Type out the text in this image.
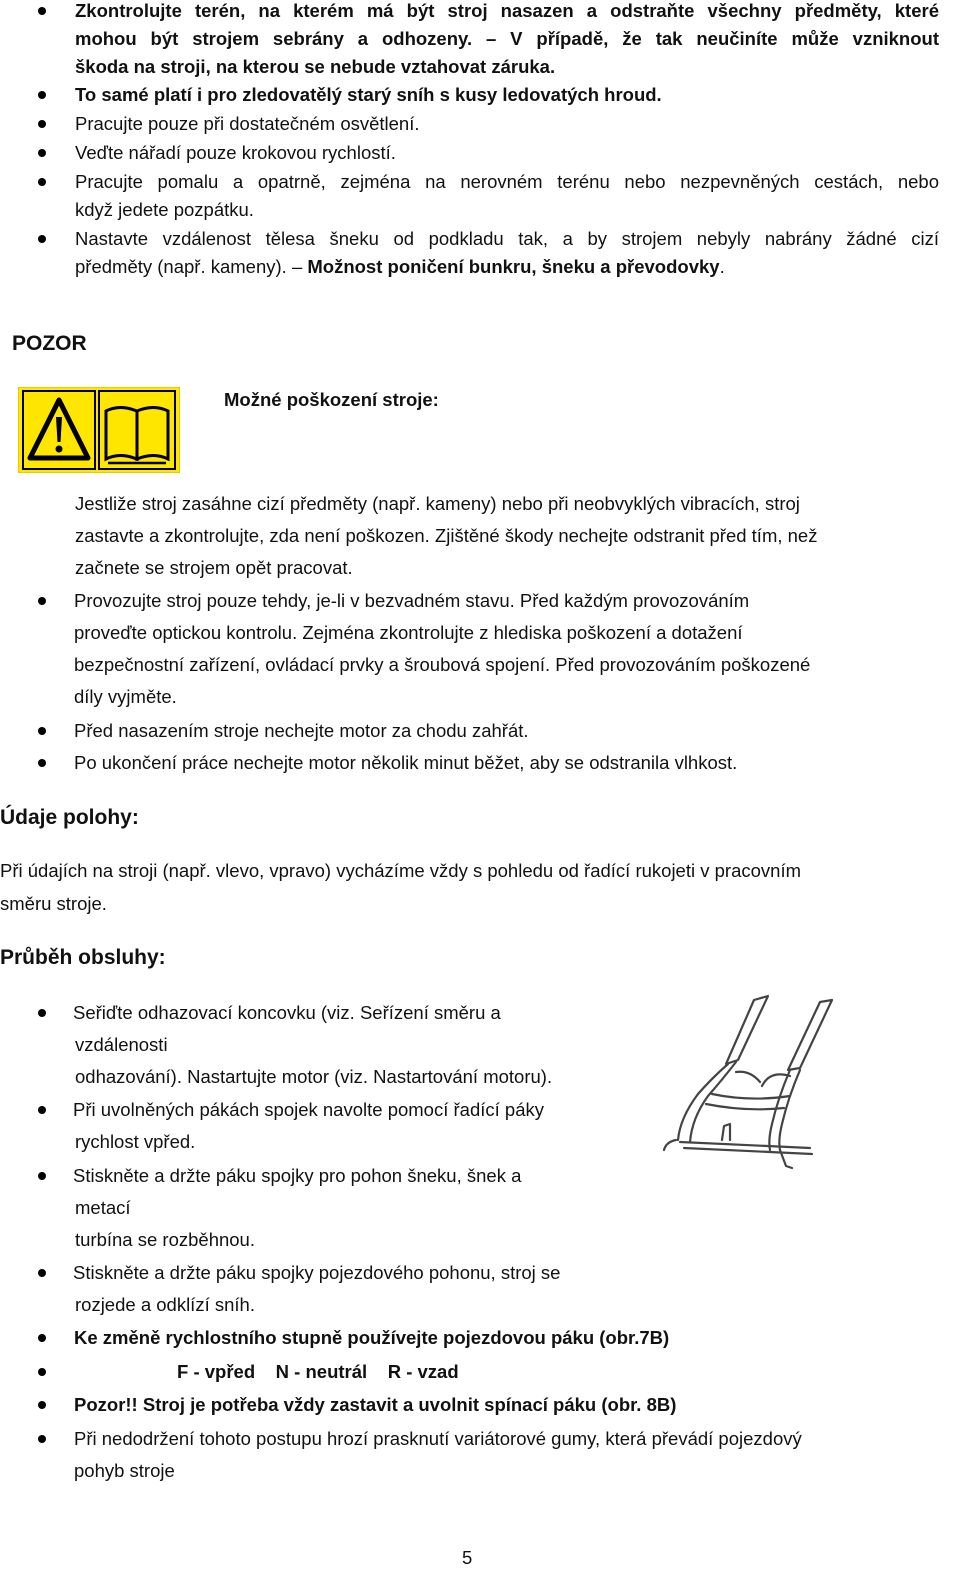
Zkontrolujte terén, na kterém má být stroj nasazen a odstraňte všechny předměty, které
mohou být strojem sebrány a odhozeny. – V případě, že tak neučiníte může vzniknout
škoda na stroji, na kterou se nebude vztahovat záruka.
To samé platí i pro zledovatělý starý sníh s kusy ledovatých hroud.
Pracujte pouze při dostatečném osvětlení.
Veďte nářadí pouze krokovou rychlostí.
Pracujte pomalu a opatrně, zejména na nerovném terénu nebo nezpevněných cestách, nebo
když jedete pozpátku.
Nastavte vzdálenost tělesa šneku od podkladu tak, a by strojem nebyly nabrány žádné cizí
předměty (např. kameny). – Možnost poničení bunkru, šneku a převodovky.
POZOR
Možné poškození stroje:
Jestliže stroj zasáhne cizí předměty (např. kameny) nebo při neobvyklých vibracích, stroj
zastavte a zkontrolujte, zda není poškozen. Zjištěné škody nechejte odstranit před tím, než
začnete se strojem opět pracovat.
Provozujte stroj pouze tehdy, je-li v bezvadném stavu. Před každým provozováním
proveďte optickou kontrolu. Zejména zkontrolujte z hlediska poškození a dotažení
bezpečnostní zařízení, ovládací prvky a šroubová spojení. Před provozováním poškozené
díly vyjměte.
Před nasazením stroje nechejte motor za chodu zahřát.
Po ukončení práce nechejte motor několik minut běžet, aby se odstranila vlhkost.
Údaje polohy:
Při údajích na stroji (např. vlevo, vpravo) vycházíme vždy s pohledu od řadící rukojeti v pracovním
směru stroje.
Průběh obsluhy:
Seřiďte odhazovací koncovku (viz. Seřízení směru a
vzdálenosti
odhazování). Nastartujte motor (viz. Nastartování motoru).
Při uvolněných pákách spojek navolte pomocí řadící páky
rychlost vpřed.
Stiskněte a držte páku spojky pro pohon šneku, šnek a
metací
turbína se rozběhnou.
Stiskněte a držte páku spojky pojezdového pohonu, stroj se
rozjede a odklízí sníh.
Ke změně rychlostního stupně používejte pojezdovou páku (obr.7B)
F - vpřed    N - neutrál    R - vzad
Pozor!! Stroj je potřeba vždy zastavit a uvolnit spínací páku (obr. 8B)
Při nedodržení tohoto postupu hrozí prasknutí variátorové gumy, která převádí pojezdový
pohyb stroje
5
